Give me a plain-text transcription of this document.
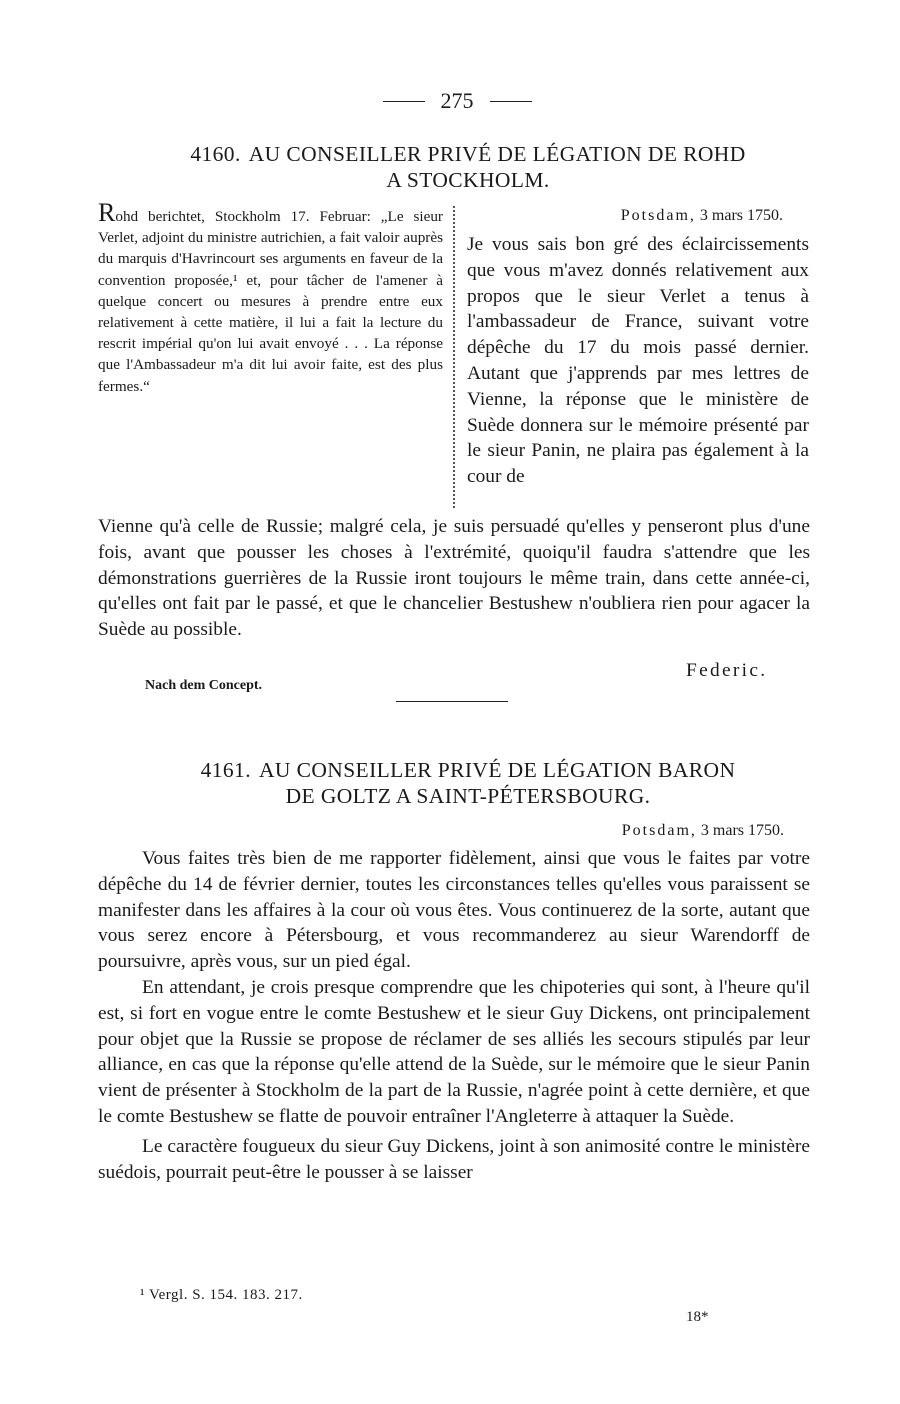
275
4160. AU CONSEILLER PRIVÉ DE LÉGATION DE ROHD
A STOCKHOLM.
Rohd berichtet, Stockholm 17. Februar: „Le sieur Verlet, adjoint du ministre autrichien, a fait valoir auprès du marquis d'Havrincourt ses arguments en faveur de la convention proposée,¹ et, pour tâcher de l'amener à quelque concert ou mesures à prendre entre eux relativement à cette matière, il lui a fait la lecture du rescrit impérial qu'on lui avait envoyé . . . La réponse que l'Ambassadeur m'a dit lui avoir faite, est des plus fermes.“
Potsdam, 3 mars 1750.
Je vous sais bon gré des éclaircissements que vous m'avez donnés relativement aux propos que le sieur Verlet a tenus à l'ambassadeur de France, suivant votre dépêche du 17 du mois passé dernier. Autant que j'apprends par mes lettres de Vienne, la réponse que le ministère de Suède donnera sur le mémoire présenté par le sieur Panin, ne plaira pas également à la cour de

Vienne qu'à celle de Russie; malgré cela, je suis persuadé qu'elles y penseront plus d'une fois, avant que pousser les choses à l'extrémité, quoiqu'il faudra s'attendre que les démonstrations guerrières de la Russie iront toujours le même train, dans cette année-ci, qu'elles ont fait par le passé, et que le chancelier Bestushew n'oubliera rien pour agacer la Suède au possible.

Federic.
Nach dem Concept.
4161. AU CONSEILLER PRIVÉ DE LÉGATION BARON
DE GOLTZ A SAINT-PÉTERSBOURG.
Potsdam, 3 mars 1750.

Vous faites très bien de me rapporter fidèlement, ainsi que vous le faites par votre dépêche du 14 de février dernier, toutes les circonstances telles qu'elles vous paraissent se manifester dans les affaires à la cour où vous êtes. Vous continuerez de la sorte, autant que vous serez encore à Pétersbourg, et vous recommanderez au sieur Warendorff de poursuivre, après vous, sur un pied égal.

En attendant, je crois presque comprendre que les chipoteries qui sont, à l'heure qu'il est, si fort en vogue entre le comte Bestushew et le sieur Guy Dickens, ont principalement pour objet que la Russie se propose de réclamer de ses alliés les secours stipulés par leur alliance, en cas que la réponse qu'elle attend de la Suède, sur le mémoire que le sieur Panin vient de présenter à Stockholm de la part de la Russie, n'agrée point à cette dernière, et que le comte Bestushew se flatte de pouvoir entraîner l'Angleterre à attaquer la Suède.

Le caractère fougueux du sieur Guy Dickens, joint à son animosité contre le ministère suédois, pourrait peut-être le pousser à se laisser

¹ Vergl. S. 154. 183. 217.
18*
